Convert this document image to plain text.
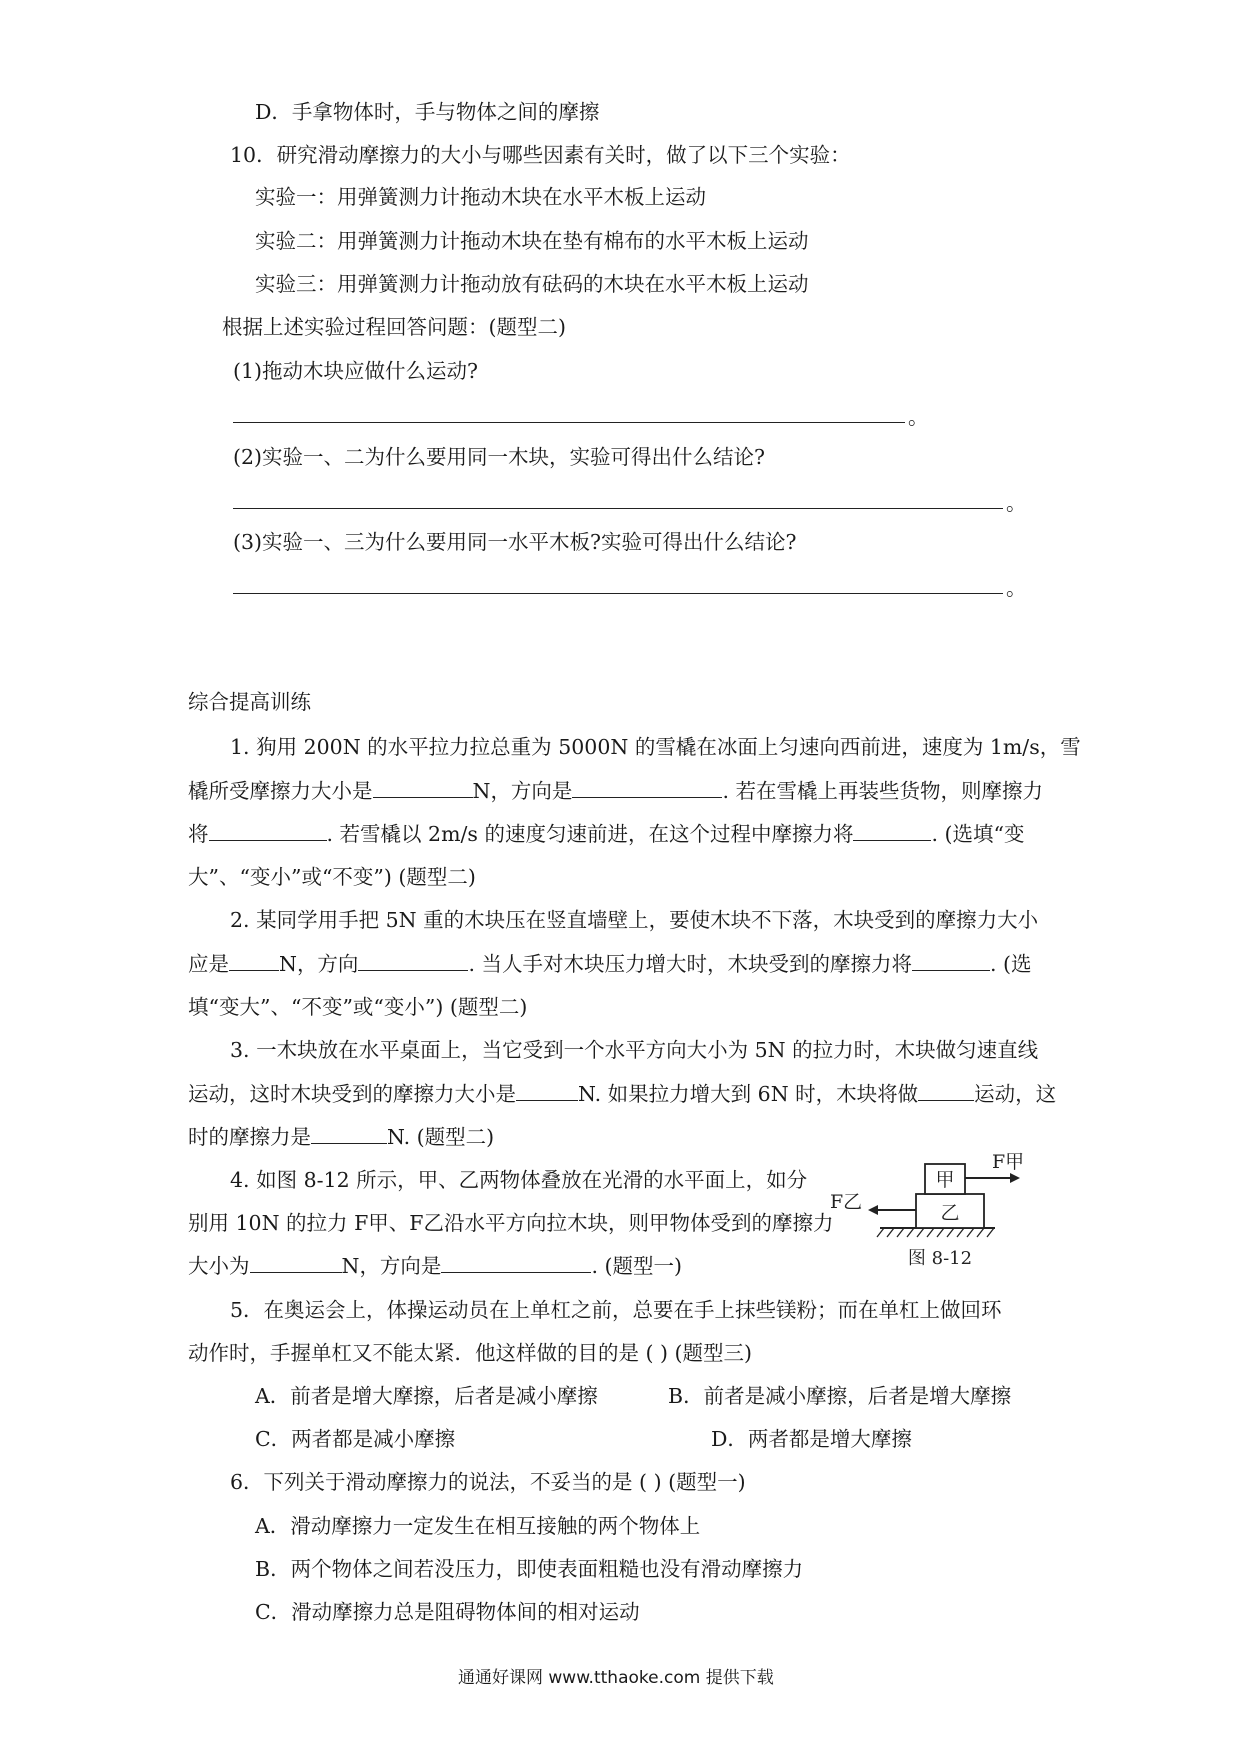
D．手拿物体时，手与物体之间的摩擦
10．研究滑动摩擦力的大小与哪些因素有关时，做了以下三个实验：
实验一：用弹簧测力计拖动木块在水平木板上运动
实验二：用弹簧测力计拖动木块在垫有棉布的水平木板上运动
实验三：用弹簧测力计拖动放有砝码的木块在水平木板上运动
根据上述实验过程回答问题：(题型二)
(1)拖动木块应做什么运动?
。
(2)实验一、二为什么要用同一木块，实验可得出什么结论?
。
(3)实验一、三为什么要用同一水平木板?实验可得出什么结论?
。
综合提高训练
1. 狗用 200N 的水平拉力拉总重为 5000N 的雪橇在冰面上匀速向西前进，速度为 1m/s，雪
橇所受摩擦力大小是	N，方向是	. 若在雪橇上再装些货物，则摩擦力
将	. 若雪橇以 2m/s 的速度匀速前进，在这个过程中摩擦力将	. (选填“变
大”、“变小”或“不变”) (题型二)
2. 某同学用手把 5N 重的木块压在竖直墙壁上，要使木块不下落，木块受到的摩擦力大小
应是 N，方向	. 当人手对木块压力增大时，木块受到的摩擦力将	. (选
填“变大”、“不变”或“变小”) (题型二)
3. 一木块放在水平桌面上，当它受到一个水平方向大小为 5N 的拉力时，木块做匀速直线
运动，这时木块受到的摩擦力大小是	N. 如果拉力增大到 6N 时，木块将做	运动，这
时的摩擦力是	N. (题型二)
4. 如图 8-12 所示，甲、乙两物体叠放在光滑的水平面上，如分
别用 10N 的拉力 F甲、F乙沿水平方向拉木块，则甲物体受到的摩擦力
大小为	N，方向是	. (题型一)
甲
乙
F甲
F乙
图 8-12
5．在奥运会上，体操运动员在上单杠之前，总要在手上抹些镁粉；而在单杠上做回环
动作时，手握单杠又不能太紧．他这样做的目的是 ( ) (题型三)
A．前者是增大摩擦，后者是减小摩擦	B．前者是减小摩擦，后者是增大摩擦
C．两者都是减小摩擦	D．两者都是增大摩擦
6．下列关于滑动摩擦力的说法，不妥当的是 ( ) (题型一)
A．滑动摩擦力一定发生在相互接触的两个物体上
B．两个物体之间若没压力，即使表面粗糙也没有滑动摩擦力
C．滑动摩擦力总是阻碍物体间的相对运动
通通好课网 www.tthaoke.com 提供下载
